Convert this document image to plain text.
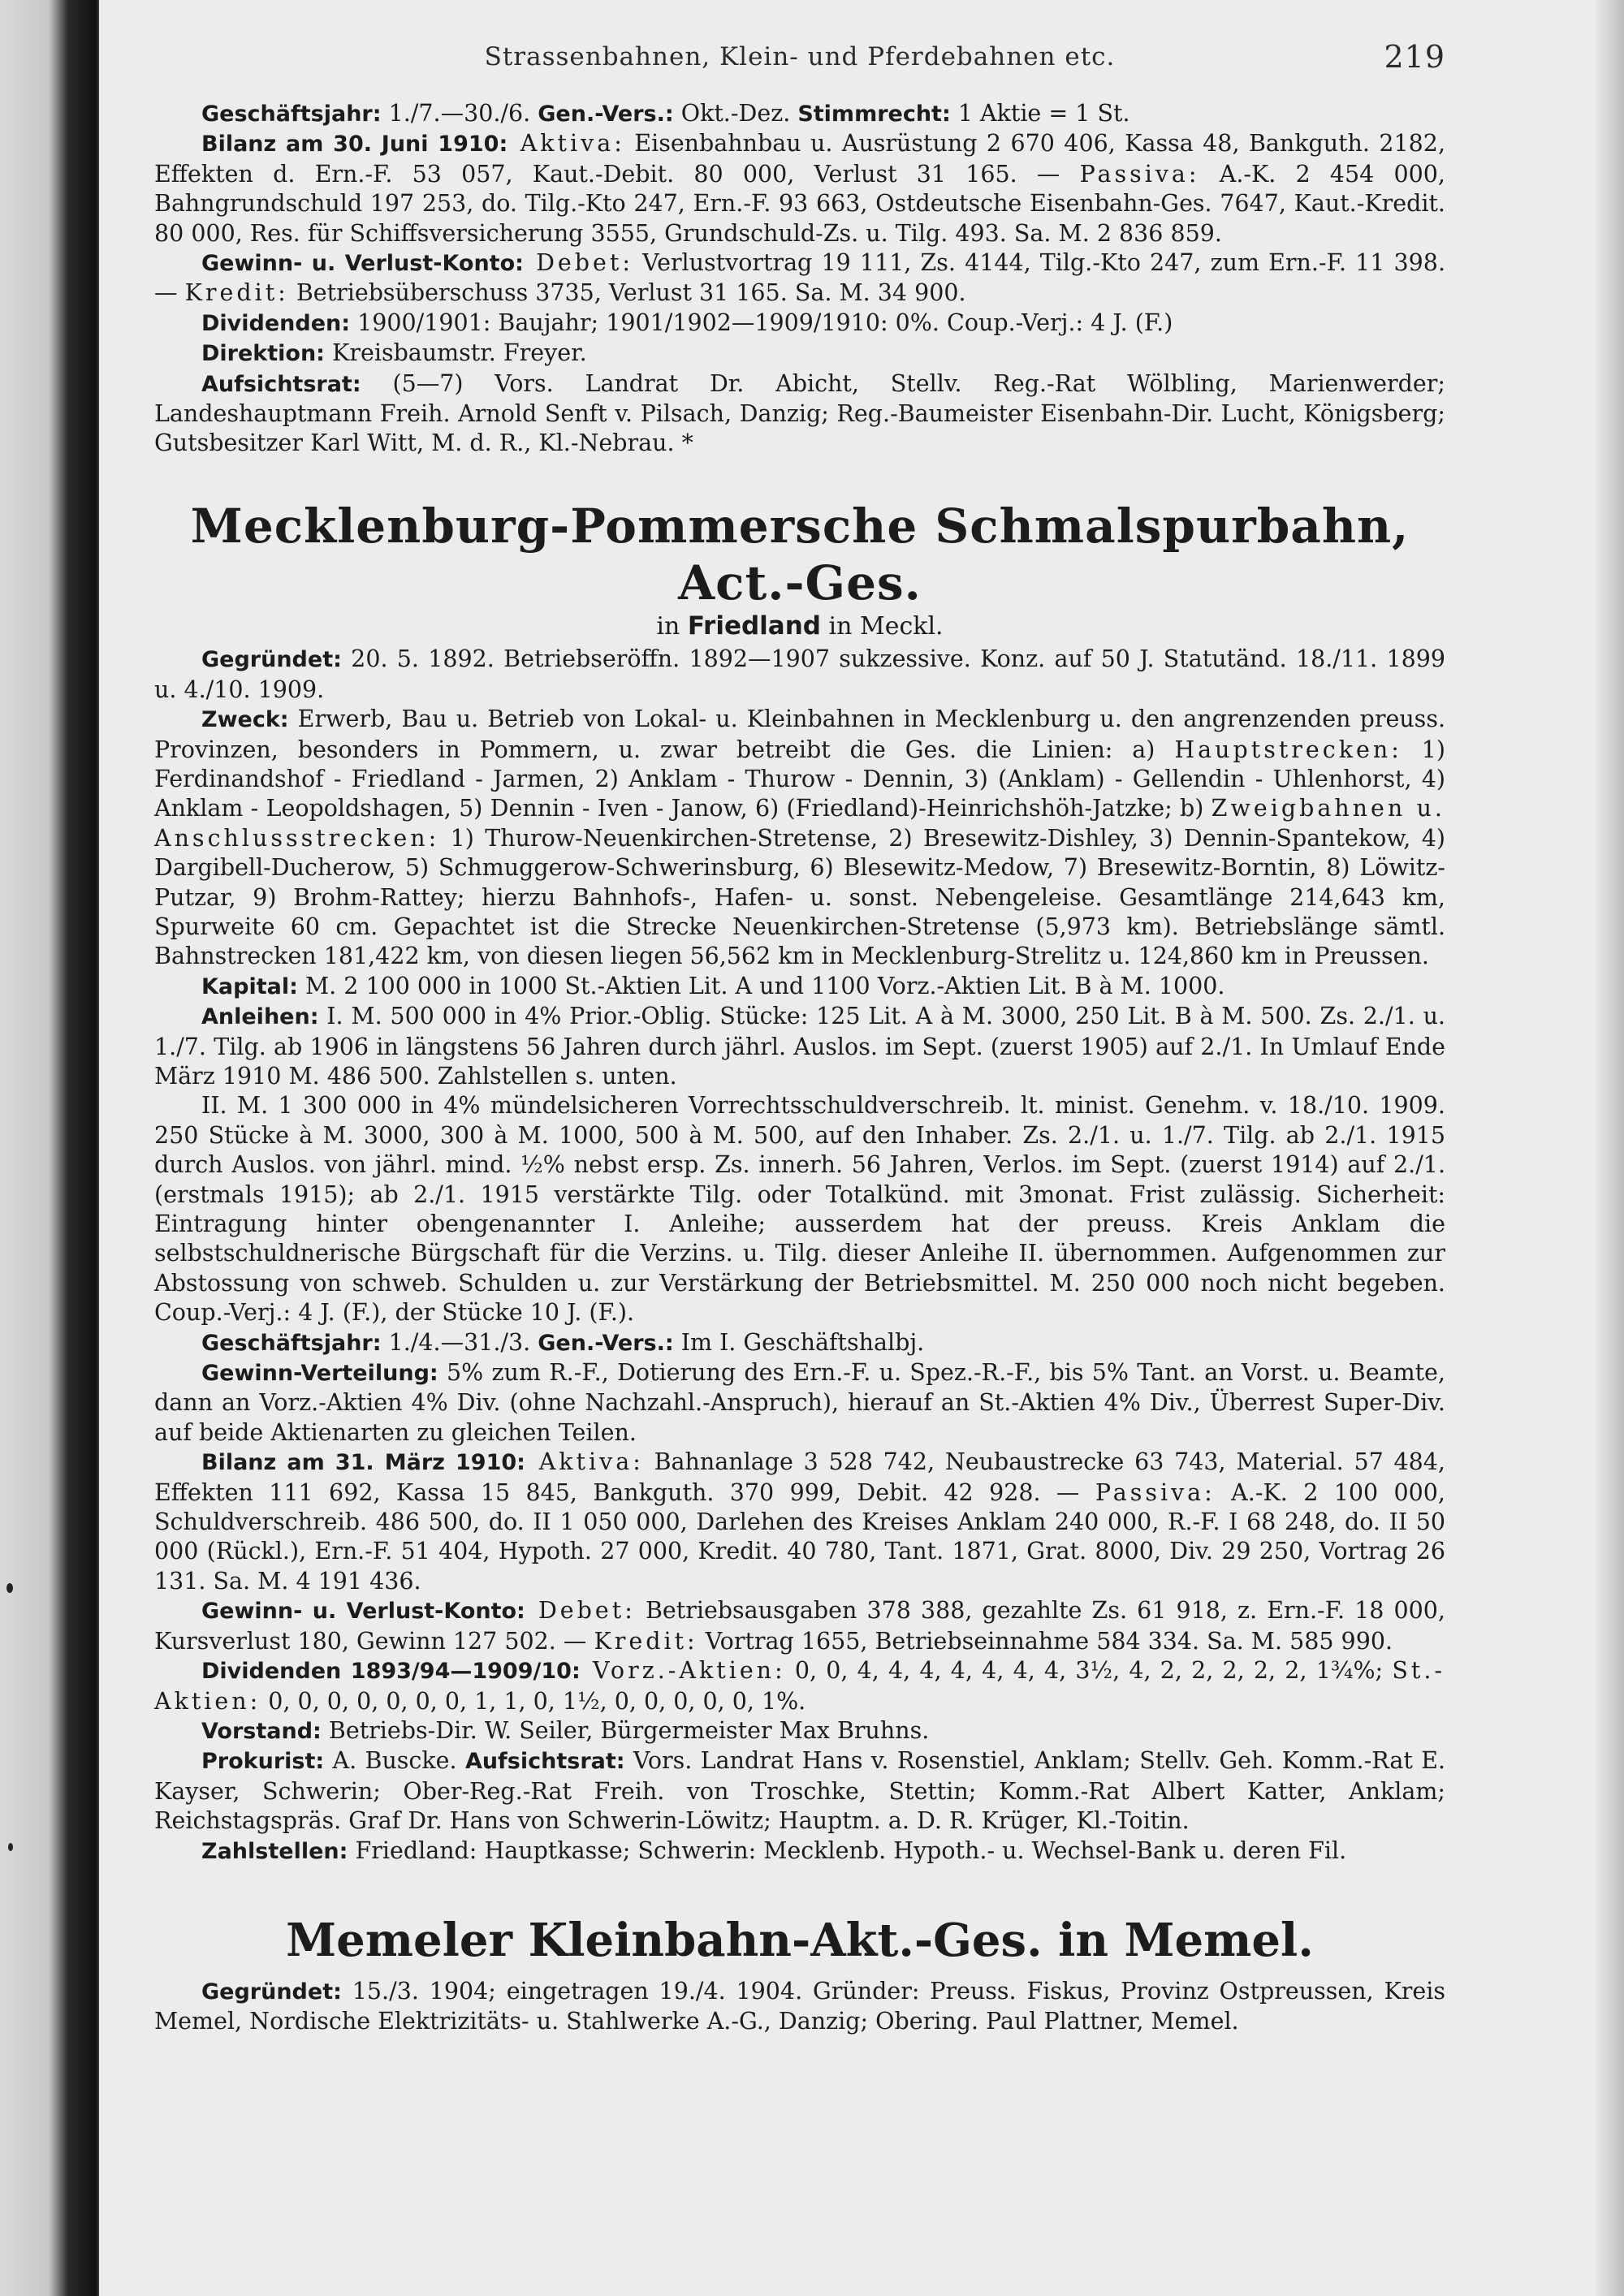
Strassenbahnen, Klein- und Pferdebahnen etc.	219

Geschäftsjahr: 1./7.—30./6. Gen.-Vers.: Okt.-Dez. Stimmrecht: 1 Aktie = 1 St.

Bilanz am 30. Juni 1910: Aktiva: Eisenbahnbau u. Ausrüstung 2 670 406, Kassa 48, Bankguth. 2182, Effekten d. Ern.-F. 53 057, Kaut.-Debit. 80 000, Verlust 31 165. — Passiva: A.-K. 2 454 000, Bahngrundschuld 197 253, do. Tilg.-Kto 247, Ern.-F. 93 663, Ostdeutsche Eisenbahn-Ges. 7647, Kaut.-Kredit. 80 000, Res. für Schiffsversicherung 3555, Grundschuld-Zs. u. Tilg. 493. Sa. M. 2 836 859.

Gewinn- u. Verlust-Konto: Debet: Verlustvortrag 19 111, Zs. 4144, Tilg.-Kto 247, zum Ern.-F. 11 398. — Kredit: Betriebsüberschuss 3735, Verlust 31 165. Sa. M. 34 900.

Dividenden: 1900/1901: Baujahr; 1901/1902—1909/1910: 0%. Coup.-Verj.: 4 J. (F.)

Direktion: Kreisbaumstr. Freyer.

Aufsichtsrat: (5—7) Vors. Landrat Dr. Abicht, Stellv. Reg.-Rat Wölbling, Marienwerder; Landeshauptmann Freih. Arnold Senft v. Pilsach, Danzig; Reg.-Baumeister Eisenbahn-Dir. Lucht, Königsberg; Gutsbesitzer Karl Witt, M. d. R., Kl.-Nebrau. *

Mecklenburg-Pommersche Schmalspurbahn, Act.-Ges.
in Friedland in Meckl.

Gegründet: 20. 5. 1892. Betriebseröffn. 1892—1907 sukzessive. Konz. auf 50 J. Statutänd. 18./11. 1899 u. 4./10. 1909.

Zweck: Erwerb, Bau u. Betrieb von Lokal- u. Kleinbahnen in Mecklenburg u. den angrenzenden preuss. Provinzen, besonders in Pommern, u. zwar betreibt die Ges. die Linien: a) Hauptstrecken: 1) Ferdinandshof - Friedland - Jarmen, 2) Anklam - Thurow - Dennin, 3) (Anklam) - Gellendin - Uhlenhorst, 4) Anklam - Leopoldshagen, 5) Dennin - Iven - Janow, 6) (Friedland)-Heinrichshöh-Jatzke; b) Zweigbahnen u. Anschlussstrecken: 1) Thurow-Neuenkirchen-Stretense, 2) Bresewitz-Dishley, 3) Dennin-Spantekow, 4) Dargibell-Ducherow, 5) Schmuggerow-Schwerinsburg, 6) Blesewitz-Medow, 7) Bresewitz-Borntin, 8) Löwitz-Putzar, 9) Brohm-Rattey; hierzu Bahnhofs-, Hafen- u. sonst. Nebengeleise. Gesamtlänge 214,643 km, Spurweite 60 cm. Gepachtet ist die Strecke Neuenkirchen-Stretense (5,973 km). Betriebslänge sämtl. Bahnstrecken 181,422 km, von diesen liegen 56,562 km in Mecklenburg-Strelitz u. 124,860 km in Preussen.

Kapital: M. 2 100 000 in 1000 St.-Aktien Lit. A und 1100 Vorz.-Aktien Lit. B à M. 1000.

Anleihen: I. M. 500 000 in 4% Prior.-Oblig. Stücke: 125 Lit. A à M. 3000, 250 Lit. B à M. 500. Zs. 2./1. u. 1./7. Tilg. ab 1906 in längstens 56 Jahren durch jährl. Auslos. im Sept. (zuerst 1905) auf 2./1. In Umlauf Ende März 1910 M. 486 500. Zahlstellen s. unten.

II. M. 1 300 000 in 4% mündelsicheren Vorrechtsschuldverschreib. lt. minist. Genehm. v. 18./10. 1909. 250 Stücke à M. 3000, 300 à M. 1000, 500 à M. 500, auf den Inhaber. Zs. 2./1. u. 1./7. Tilg. ab 2./1. 1915 durch Auslos. von jährl. mind. ½% nebst ersp. Zs. innerh. 56 Jahren, Verlos. im Sept. (zuerst 1914) auf 2./1. (erstmals 1915); ab 2./1. 1915 verstärkte Tilg. oder Totalkünd. mit 3monat. Frist zulässig. Sicherheit: Eintragung hinter obengenannter I. Anleihe; ausserdem hat der preuss. Kreis Anklam die selbstschuldnerische Bürgschaft für die Verzins. u. Tilg. dieser Anleihe II. übernommen. Aufgenommen zur Abstossung von schweb. Schulden u. zur Verstärkung der Betriebsmittel. M. 250 000 noch nicht begeben. Coup.-Verj.: 4 J. (F.), der Stücke 10 J. (F.).

Geschäftsjahr: 1./4.—31./3. Gen.-Vers.: Im I. Geschäftshalbj.

Gewinn-Verteilung: 5% zum R.-F., Dotierung des Ern.-F. u. Spez.-R.-F., bis 5% Tant. an Vorst. u. Beamte, dann an Vorz.-Aktien 4% Div. (ohne Nachzahl.-Anspruch), hierauf an St.-Aktien 4% Div., Überrest Super-Div. auf beide Aktienarten zu gleichen Teilen.

Bilanz am 31. März 1910: Aktiva: Bahnanlage 3 528 742, Neubaustrecke 63 743, Material. 57 484, Effekten 111 692, Kassa 15 845, Bankguth. 370 999, Debit. 42 928. — Passiva: A.-K. 2 100 000, Schuldverschreib. 486 500, do. II 1 050 000, Darlehen des Kreises Anklam 240 000, R.-F. I 68 248, do. II 50 000 (Rückl.), Ern.-F. 51 404, Hypoth. 27 000, Kredit. 40 780, Tant. 1871, Grat. 8000, Div. 29 250, Vortrag 26 131. Sa. M. 4 191 436.

Gewinn- u. Verlust-Konto: Debet: Betriebsausgaben 378 388, gezahlte Zs. 61 918, z. Ern.-F. 18 000, Kursverlust 180, Gewinn 127 502. — Kredit: Vortrag 1655, Betriebseinnahme 584 334. Sa. M. 585 990.

Dividenden 1893/94—1909/10: Vorz.-Aktien: 0, 0, 4, 4, 4, 4, 4, 4, 4, 3½, 4, 2, 2, 2, 2, 2, 1¾%; St.-Aktien: 0, 0, 0, 0, 0, 0, 0, 1, 1, 0, 1½, 0, 0, 0, 0, 0, 1%.

Vorstand: Betriebs-Dir. W. Seiler, Bürgermeister Max Bruhns.

Prokurist: A. Buscke. Aufsichtsrat: Vors. Landrat Hans v. Rosenstiel, Anklam; Stellv. Geh. Komm.-Rat E. Kayser, Schwerin; Ober-Reg.-Rat Freih. von Troschke, Stettin; Komm.-Rat Albert Katter, Anklam; Reichstagspräs. Graf Dr. Hans von Schwerin-Löwitz; Hauptm. a. D. R. Krüger, Kl.-Toitin.

Zahlstellen: Friedland: Hauptkasse; Schwerin: Mecklenb. Hypoth.- u. Wechsel-Bank u. deren Fil.

Memeler Kleinbahn-Akt.-Ges. in Memel.

Gegründet: 15./3. 1904; eingetragen 19./4. 1904. Gründer: Preuss. Fiskus, Provinz Ostpreussen, Kreis Memel, Nordische Elektrizitäts- u. Stahlwerke A.-G., Danzig; Obering. Paul Plattner, Memel.
